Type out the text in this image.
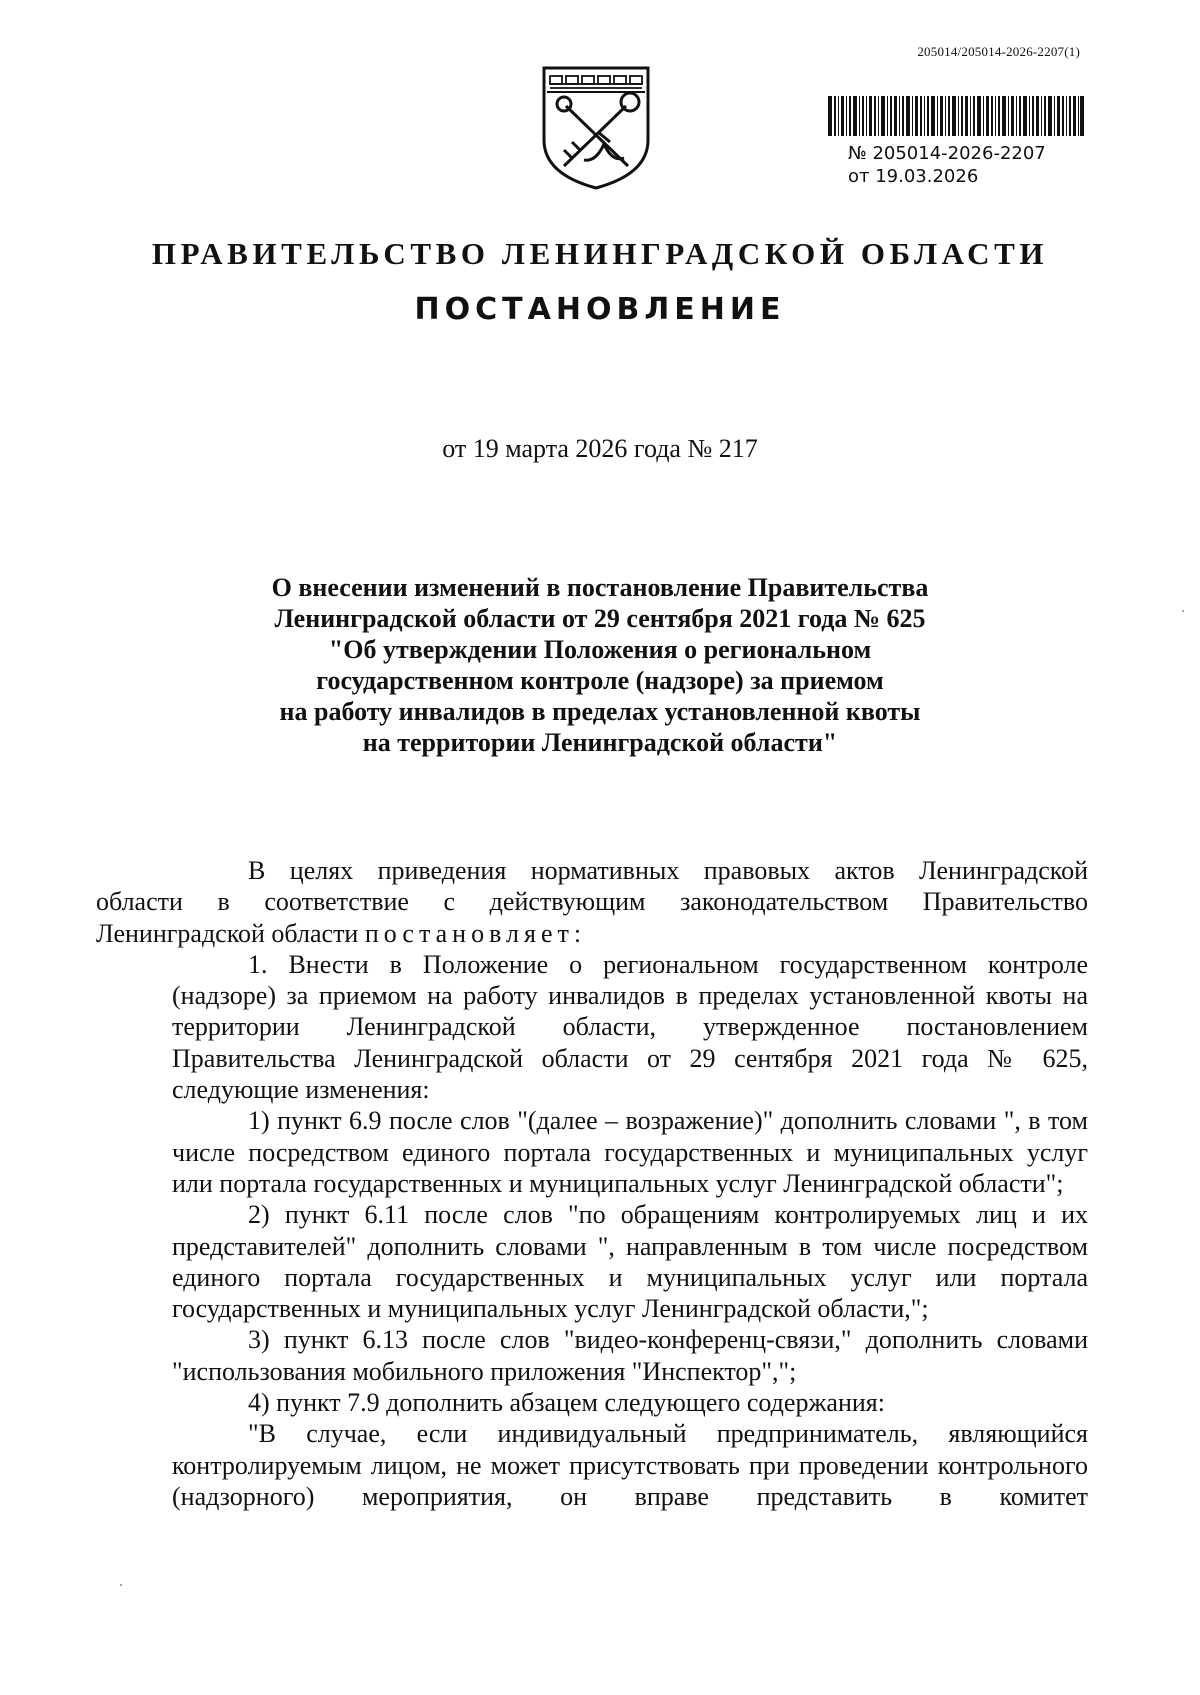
205014/205014-2026-2207(1)
№ 205014-2026-2207
от 19.03.2026
ПРАВИТЕЛЬСТВО ЛЕНИНГРАДСКОЙ ОБЛАСТИ
ПОСТАНОВЛЕНИЕ
от 19 марта 2026 года № 217
О внесении изменений в постановление Правительства
Ленинградской области от 29 сентября 2021 года № 625
"Об утверждении Положения о региональном
государственном контроле (надзоре) за приемом
на работу инвалидов в пределах установленной квоты
на территории Ленинградской области"

В целях приведения нормативных правовых актов Ленинградской
области в соответствие с действующим законодательством Правительство
Ленинградской области постановляет:

1. Внести в Положение о региональном государственном контроле (надзоре) за приемом на работу инвалидов в пределах установленной квоты на территории Ленинградской области, утвержденное постановлением Правительства Ленинградской области от 29 сентября 2021 года № 625, следующие изменения:

1) пункт 6.9 после слов "(далее – возражение)" дополнить словами ", в том числе посредством единого портала государственных и муниципальных услуг или портала государственных и муниципальных услуг Ленинградской области";

2) пункт 6.11 после слов "по обращениям контролируемых лиц и их представителей" дополнить словами ", направленным в том числе посредством единого портала государственных и муниципальных услуг или портала государственных и муниципальных услуг Ленинградской области,";

3) пункт 6.13 после слов "видео-конференц-связи," дополнить словами "использования мобильного приложения "Инспектор",";

4) пункт 7.9 дополнить абзацем следующего содержания:

"В случае, если индивидуальный предприниматель, являющийся контролируемым лицом, не может присутствовать при проведении контрольного (надзорного) мероприятия, он вправе представить в комитет
